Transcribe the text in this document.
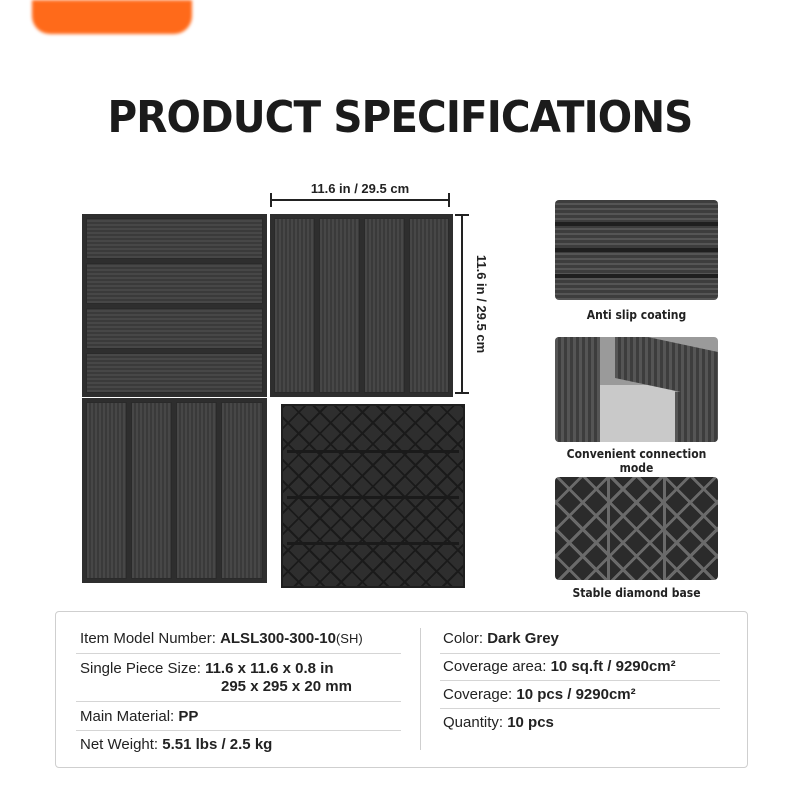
PRODUCT SPECIFICATIONS
11.6 in / 29.5 cm
11.6 in / 29.5 cm	Anti slip coating
Convenient connection mode
Stable diamond base
Item Model Number: ALSL300-300-10(SH)
Single Piece Size: 11.6 x 11.6 x 0.8 in
295 x 295 x 20 mm
Main Material: PP
Net Weight: 5.51 lbs / 2.5 kg
Color: Dark Grey
Coverage area: 10 sq.ft / 9290cm²
Coverage: 10 pcs / 9290cm²
Quantity: 10 pcs
